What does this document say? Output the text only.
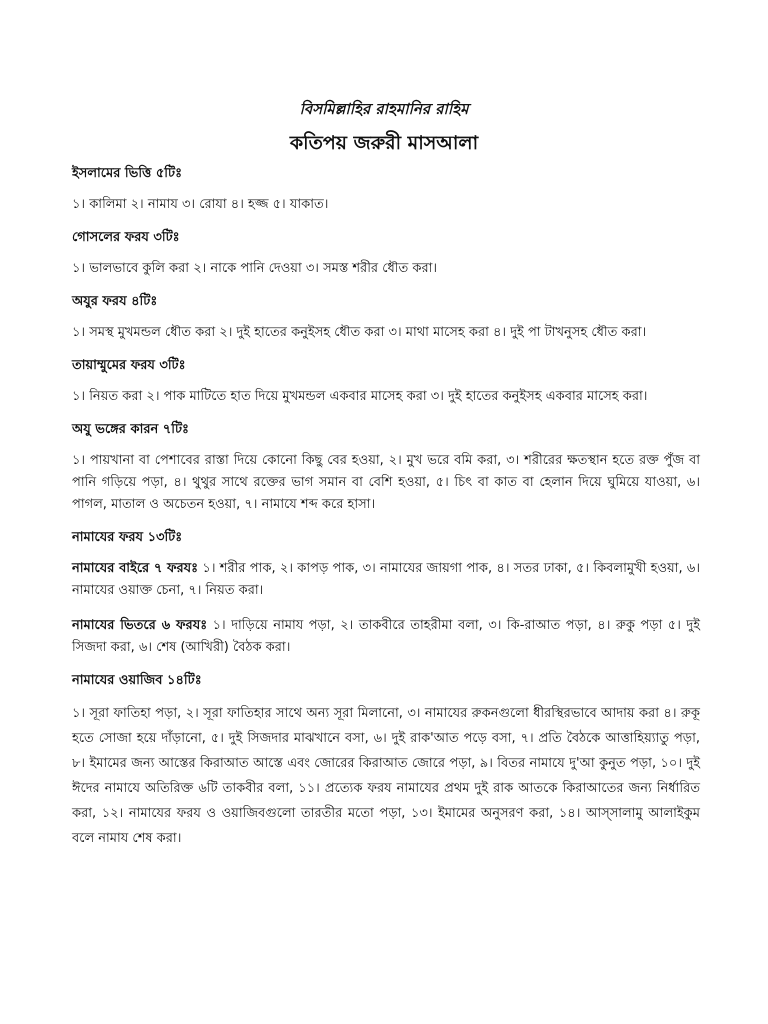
বিসমিল্লাহির রাহমানির রাহিম
কতিপয় জরুরী মাসআলা

ইসলামের ভিত্তি ৫টিঃ

১। কালিমা ২। নামায ৩। রোযা ৪। হজ্জ ৫। যাকাত।

গোসলের ফরয ৩টিঃ

১। ভালভাবে কুলি করা ২। নাকে পানি দেওয়া ৩। সমস্ত শরীর ধৌত করা।

অযুর ফরয ৪টিঃ

১। সমস্থ মুখমন্ডল ধৌত করা ২। দুই হাতের কনুইসহ ধৌত করা ৩। মাথা মাসেহ করা ৪। দুই পা টাখনুসহ ধৌত করা।

তায়াম্মুমের ফরয ৩টিঃ

১। নিয়ত করা ২। পাক মাটিতে হাত দিয়ে মুখমন্ডল একবার মাসেহ করা ৩। দুই হাতের কনুইসহ একবার মাসেহ করা।

অযু ভঙ্গের কারন ৭টিঃ

১। পায়খানা বা পেশাবের রাস্তা দিয়ে কোনো কিছু বের হওয়া, ২। মুখ ভরে বমি করা, ৩। শরীরের ক্ষতস্থান হতে রক্ত পুঁজ বা পানি গড়িয়ে পড়া, ৪। থুথুর সাথে রক্তের ভাগ সমান বা বেশি হওয়া, ৫। চিৎ বা কাত বা হেলান দিয়ে ঘুমিয়ে যাওয়া, ৬। পাগল, মাতাল ও অচেতন হওয়া, ৭। নামাযে শব্দ করে হাসা।

নামাযের ফরয ১৩টিঃ

নামাযের বাইরে ৭ ফরযঃ ১। শরীর পাক, ২। কাপড় পাক, ৩। নামাযের জায়গা পাক, ৪। সতর ঢাকা, ৫। কিবলামুখী হওয়া, ৬। নামাযের ওয়াক্ত চেনা, ৭। নিয়ত করা।

নামাযের ভিতরে ৬ ফরযঃ ১। দাড়িয়ে নামায পড়া, ২। তাকবীরে তাহরীমা বলা, ৩। কি-রাআত পড়া, ৪। রুকু পড়া ৫। দুই সিজদা করা, ৬। শেষ (আখিরী) বৈঠক করা।

নামাযের ওয়াজিব ১৪টিঃ

১। সূরা ফাতিহা পড়া, ২। সূরা ফাতিহার সাথে অন্য সূরা মিলানো, ৩। নামাযের রুকনগুলো ধীরস্থিরভাবে আদায় করা ৪। রুকূ হতে সোজা হয়ে দাঁড়ানো, ৫। দুই সিজদার মাঝখানে বসা, ৬। দুই রাক'আত পড়ে বসা, ৭। প্রতি বৈঠকে আত্তাহিয়্যাতু পড়া, ৮। ইমামের জন্য আস্তের কিরাআত আস্তে এবং জোরের কিরাআত জোরে পড়া, ৯। বিতর নামাযে দু'আ কুনুত পড়া, ১০। দুই ঈদের নামাযে অতিরিক্ত ৬টি তাকবীর বলা, ১১। প্রত্যেক ফরয নামাযের প্রথম দুই রাক আতকে কিরাআতের জন্য নির্ধারিত করা, ১২। নামাযের ফরয ও ওয়াজিবগুলো তারতীর মতো পড়া, ১৩। ইমামের অনুসরণ করা, ১৪। আস্‌সালামু আলাইকুম বলে নামায শেষ করা।
